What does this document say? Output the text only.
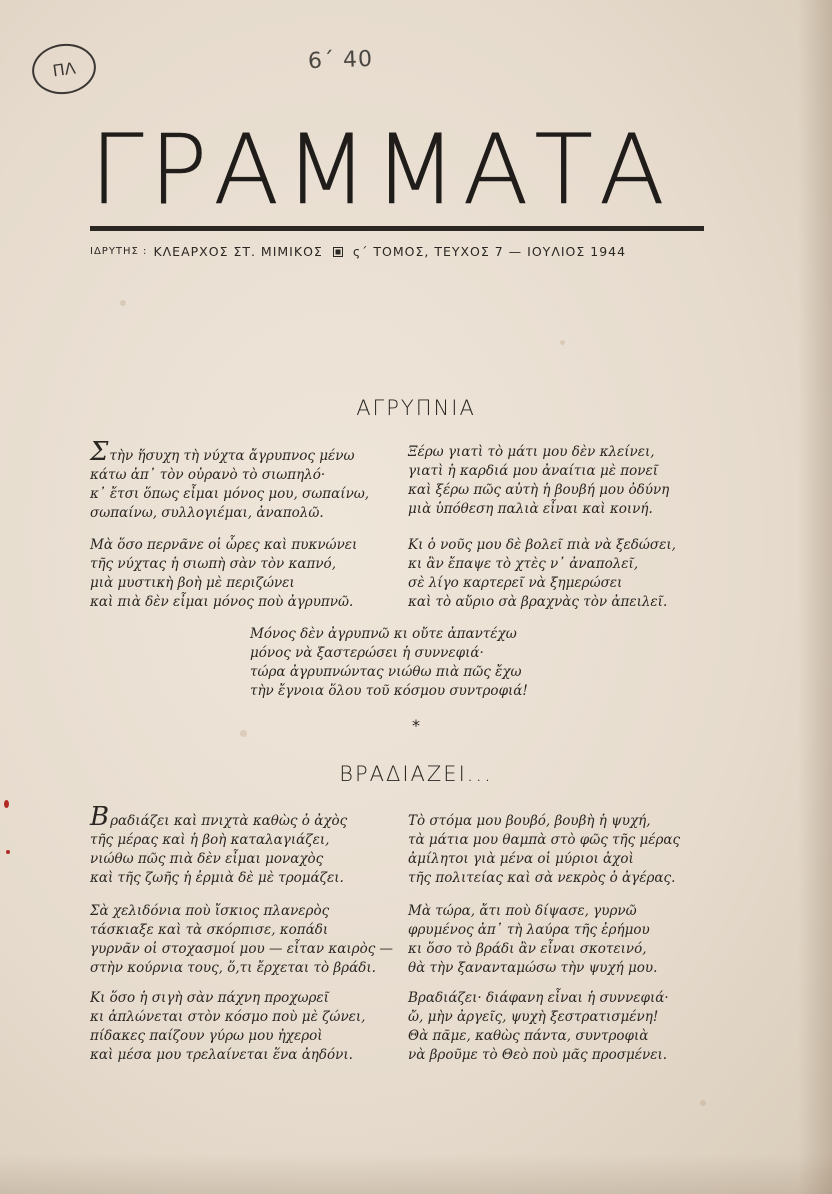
ΠΛ	6΄ 40
ΓΡΑΜΜΑΤΑ
ΙΔΡΥΤΗΣ : ΚΛΕΑΡΧΟΣ ΣΤ. ΜΙΜΙΚΟΣ ς΄ ΤΟΜΟΣ, ΤΕΥΧΟΣ 7 — ΙΟΥΛΙΟΣ 1944
ΑΓΡΥΠΝΙΑ
Στὴν ἥσυχη τὴ νύχτα ἄγρυπνος μένω
κάτω ἀπ᾽ τὸν οὐρανὸ τὸ σιωπηλό·
κ᾽ ἔτσι ὅπως εἶμαι μόνος μου, σωπαίνω,
σωπαίνω, συλλογιέμαι, ἀναπολῶ.
Μὰ ὅσο περνᾶνε οἱ ὧρες καὶ πυκνώνει
τῆς νύχτας ἡ σιωπὴ σὰν τὸν καπνό,
μιὰ μυστικὴ βοὴ μὲ περιζώνει
καὶ πιὰ δὲν εἶμαι μόνος ποὺ ἀγρυπνῶ.
Ξέρω γιατὶ τὸ μάτι μου δὲν κλείνει,
γιατὶ ἡ καρδιά μου ἀναίτια μὲ πονεῖ
καὶ ξέρω πῶς αὐτὴ ἡ βουβή μου ὀδύνη
μιὰ ὑπόθεση παλιὰ εἶναι καὶ κοινή.
Κι ὁ νοῦς μου δὲ βολεῖ πιὰ νὰ ξεδώσει,
κι ἂν ἔπαψε τὸ χτὲς ν᾽ ἀναπολεῖ,
σὲ λίγο καρτερεῖ νὰ ξημερώσει
καὶ τὸ αὔριο σὰ βραχνὰς τὸν ἀπειλεῖ.
Μόνος δὲν ἀγρυπνῶ κι οὔτε ἀπαντέχω
μόνος νὰ ξαστερώσει ἡ συννεφιά·
τώρα ἀγρυπνώντας νιώθω πιὰ πῶς ἔχω
τὴν ἔγνοια ὅλου τοῦ κόσμου συντροφιά!
*
ΒΡΑΔΙΑΖΕΙ...
Βραδιάζει καὶ πνιχτὰ καθὼς ὁ ἀχὸς
τῆς μέρας καὶ ἡ βοὴ καταλαγιάζει,
νιώθω πῶς πιὰ δὲν εἶμαι μοναχὸς
καὶ τῆς ζωῆς ἡ ἐρμιὰ δὲ μὲ τρομάζει.
Σὰ χελιδόνια ποὺ ἴσκιος πλανερὸς
τάσκιαξε καὶ τὰ σκόρπισε, κοπάδι
γυρνᾶν οἱ στοχασμοί μου — εἶταν καιρὸς —
στὴν κούρνια τους, ὅ,τι ἔρχεται τὸ βράδι.
Κι ὅσο ἡ σιγὴ σὰν πάχνη προχωρεῖ
κι ἁπλώνεται στὸν κόσμο ποὺ μὲ ζώνει,
πίδακες παίζουν γύρω μου ἠχεροὶ
καὶ μέσα μου τρελαίνεται ἕνα ἀηδόνι.
Τὸ στόμα μου βουβό, βουβὴ ἡ ψυχή,
τὰ μάτια μου θαμπὰ στὸ φῶς τῆς μέρας
ἀμίλητοι γιὰ μένα οἱ μύριοι ἀχοὶ
τῆς πολιτείας καὶ σὰ νεκρὸς ὁ ἀγέρας.
Μὰ τώρα, ἄτι ποὺ δίψασε, γυρνῶ
φρυμένος ἀπ᾽ τὴ λαύρα τῆς ἐρήμου
κι ὅσο τὸ βράδι ἂν εἶναι σκοτεινό,
θὰ τὴν ξανανταμώσω τὴν ψυχή μου.
Βραδιάζει· διάφανη εἶναι ἡ συννεφιά·
ὤ, μὴν ἀργεῖς, ψυχὴ ξεστρατισμένη!
Θὰ πᾶμε, καθὼς πάντα, συντροφιὰ
νὰ βροῦμε τὸ Θεὸ ποὺ μᾶς προσμένει.
